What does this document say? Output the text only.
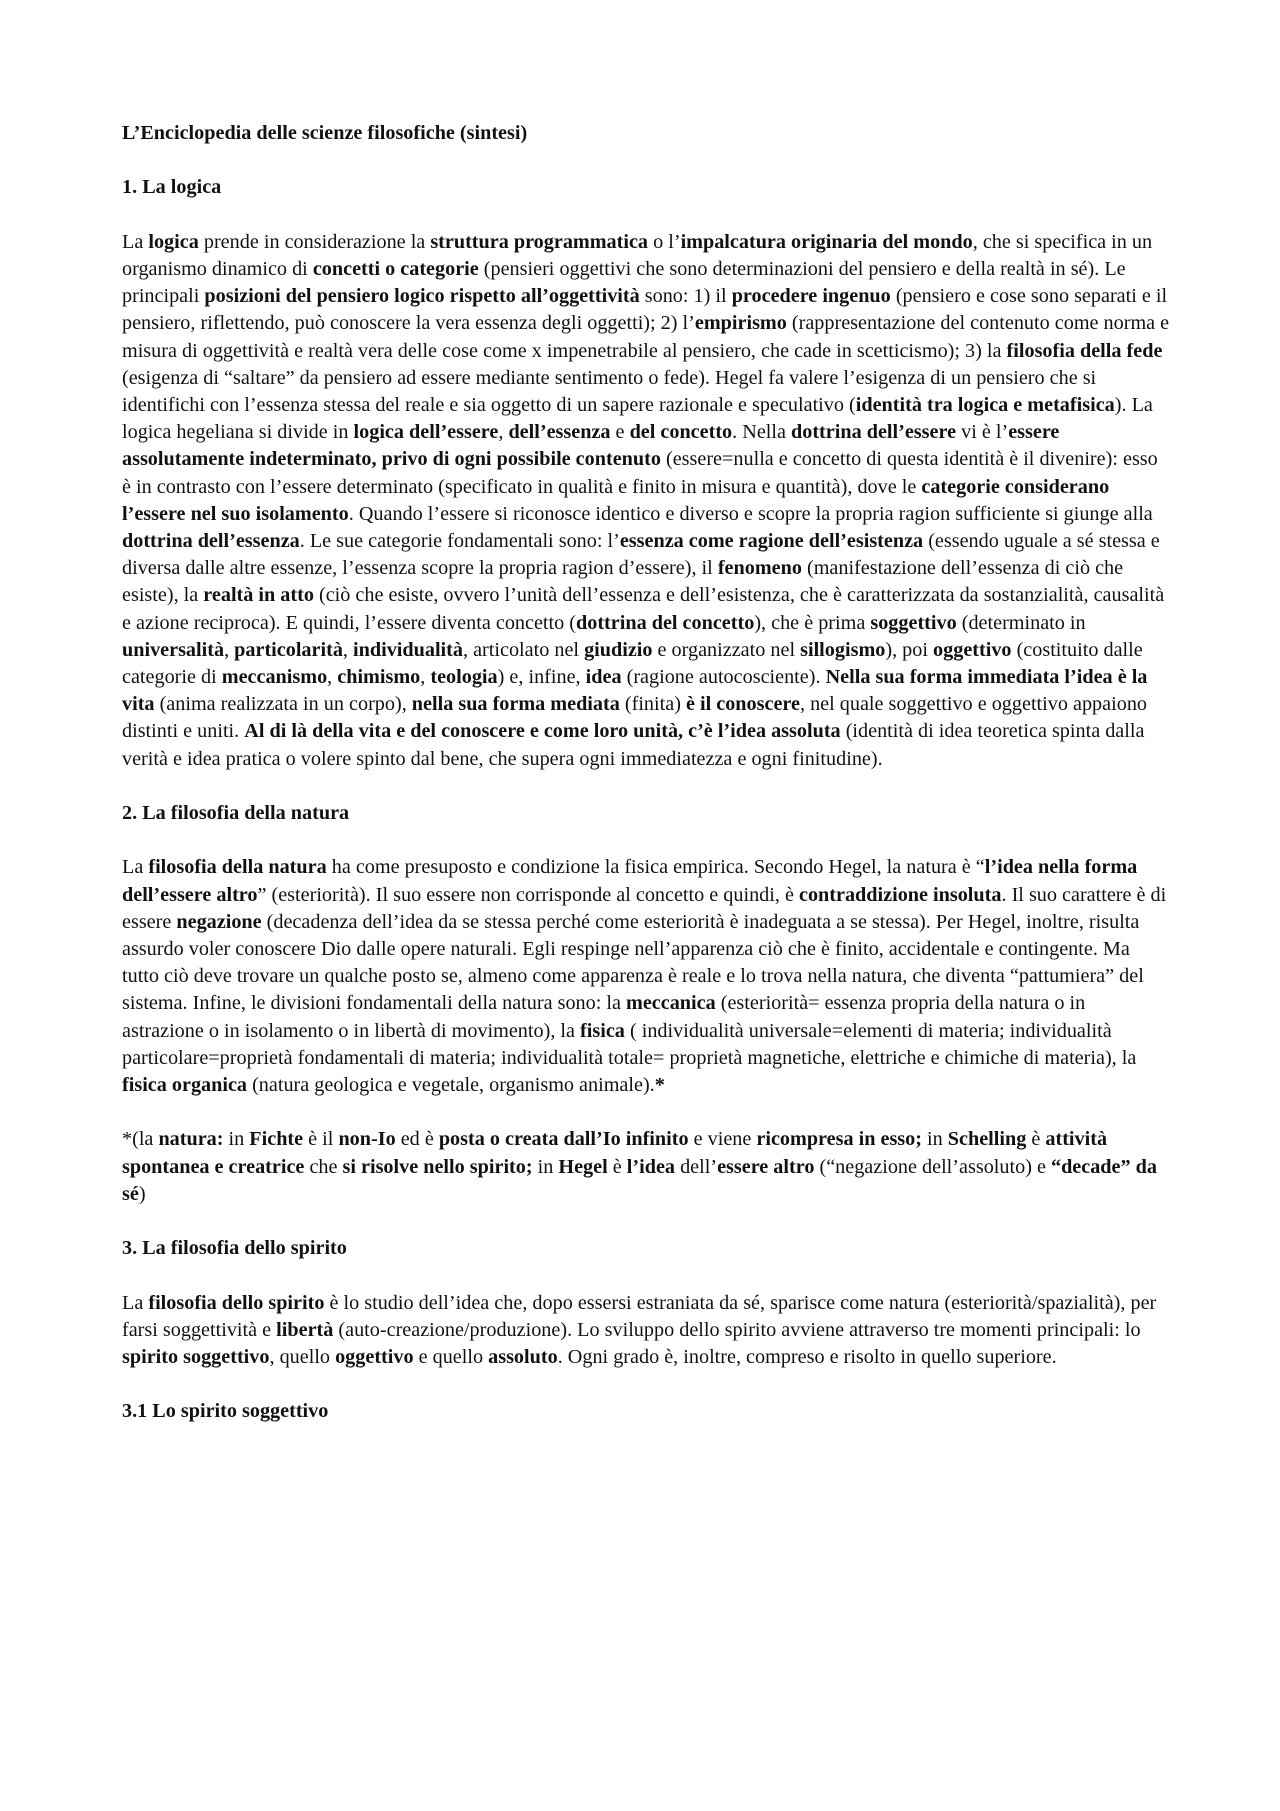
L’Enciclopedia delle scienze filosofiche (sintesi)
1. La logica

La logica prende in considerazione la struttura programmatica o l’impalcatura originaria del mondo, che si specifica in un organismo dinamico di concetti o categorie (pensieri oggettivi che sono determinazioni del pensiero e della realtà in sé). Le principali posizioni del pensiero logico rispetto all’oggettività sono: 1) il procedere ingenuo (pensiero e cose sono separati e il pensiero, riflettendo, può conoscere la vera essenza degli oggetti); 2) l’empirismo (rappresentazione del contenuto come norma e misura di oggettività e realtà vera delle cose come x impenetrabile al pensiero, che cade in scetticismo); 3) la filosofia della fede (esigenza di “saltare” da pensiero ad essere mediante sentimento o fede). Hegel fa valere l’esigenza di un pensiero che si identifichi con l’essenza stessa del reale e sia oggetto di un sapere razionale e speculativo (identità tra logica e metafisica). La logica hegeliana si divide in logica dell’essere, dell’essenza e del concetto. Nella dottrina dell’essere vi è l’essere assolutamente indeterminato, privo di ogni possibile contenuto (essere=nulla e concetto di questa identità è il divenire): esso è in contrasto con l’essere determinato (specificato in qualità e finito in misura e quantità), dove le categorie considerano l’essere nel suo isolamento. Quando l’essere si riconosce identico e diverso e scopre la propria ragion sufficiente si giunge alla dottrina dell’essenza. Le sue categorie fondamentali sono: l’essenza come ragione dell’esistenza (essendo uguale a sé stessa e diversa dalle altre essenze, l’essenza scopre la propria ragion d’essere), il fenomeno (manifestazione dell’essenza di ciò che esiste), la realtà in atto (ciò che esiste, ovvero l’unità dell’essenza e dell’esistenza, che è caratterizzata da sostanzialità, causalità e azione reciproca). E quindi, l’essere diventa concetto (dottrina del concetto), che è prima soggettivo (determinato in universalità, particolarità, individualità, articolato nel giudizio e organizzato nel sillogismo), poi oggettivo (costituito dalle categorie di meccanismo, chimismo, teologia) e, infine, idea (ragione autocosciente). Nella sua forma immediata l’idea è la vita (anima realizzata in un corpo), nella sua forma mediata (finita) è il conoscere, nel quale soggettivo e oggettivo appaiono distinti e uniti. Al di là della vita e del conoscere e come loro unità, c’è l’idea assoluta (identità di idea teoretica spinta dalla verità e idea pratica o volere spinto dal bene, che supera ogni immediatezza e ogni finitudine).

2. La filosofia della natura

La filosofia della natura ha come presuposto e condizione la fisica empirica. Secondo Hegel, la natura è “l’idea nella forma dell’essere altro” (esteriorità). Il suo essere non corrisponde al concetto e quindi, è contraddizione insoluta. Il suo carattere è di essere negazione (decadenza dell’idea da se stessa perché come esteriorità è inadeguata a se stessa). Per Hegel, inoltre, risulta assurdo voler conoscere Dio dalle opere naturali. Egli respinge nell’apparenza ciò che è finito, accidentale e contingente. Ma tutto ciò deve trovare un qualche posto se, almeno come apparenza è reale e lo trova nella natura, che diventa “pattumiera” del sistema. Infine, le divisioni fondamentali della natura sono: la meccanica (esteriorità= essenza propria della natura o in astrazione o in isolamento o in libertà di movimento), la fisica ( individualità universale=elementi di materia; individualità particolare=proprietà fondamentali di materia; individualità totale= proprietà magnetiche, elettriche e chimiche di materia), la fisica organica (natura geologica e vegetale, organismo animale).*

*(la natura: in Fichte è il non-Io ed è posta o creata dall’Io infinito e viene ricompresa in esso; in Schelling è attività spontanea e creatrice che si risolve nello spirito; in Hegel è l’idea dell’essere altro (“negazione dell’assoluto) e “decade” da sé)

3. La filosofia dello spirito

La filosofia dello spirito è lo studio dell’idea che, dopo essersi estraniata da sé, sparisce come natura (esteriorità/spazialità), per farsi soggettività e libertà (auto-creazione/produzione). Lo sviluppo dello spirito avviene attraverso tre momenti principali: lo spirito soggettivo, quello oggettivo e quello assoluto. Ogni grado è, inoltre, compreso e risolto in quello superiore.

3.1 Lo spirito soggettivo
